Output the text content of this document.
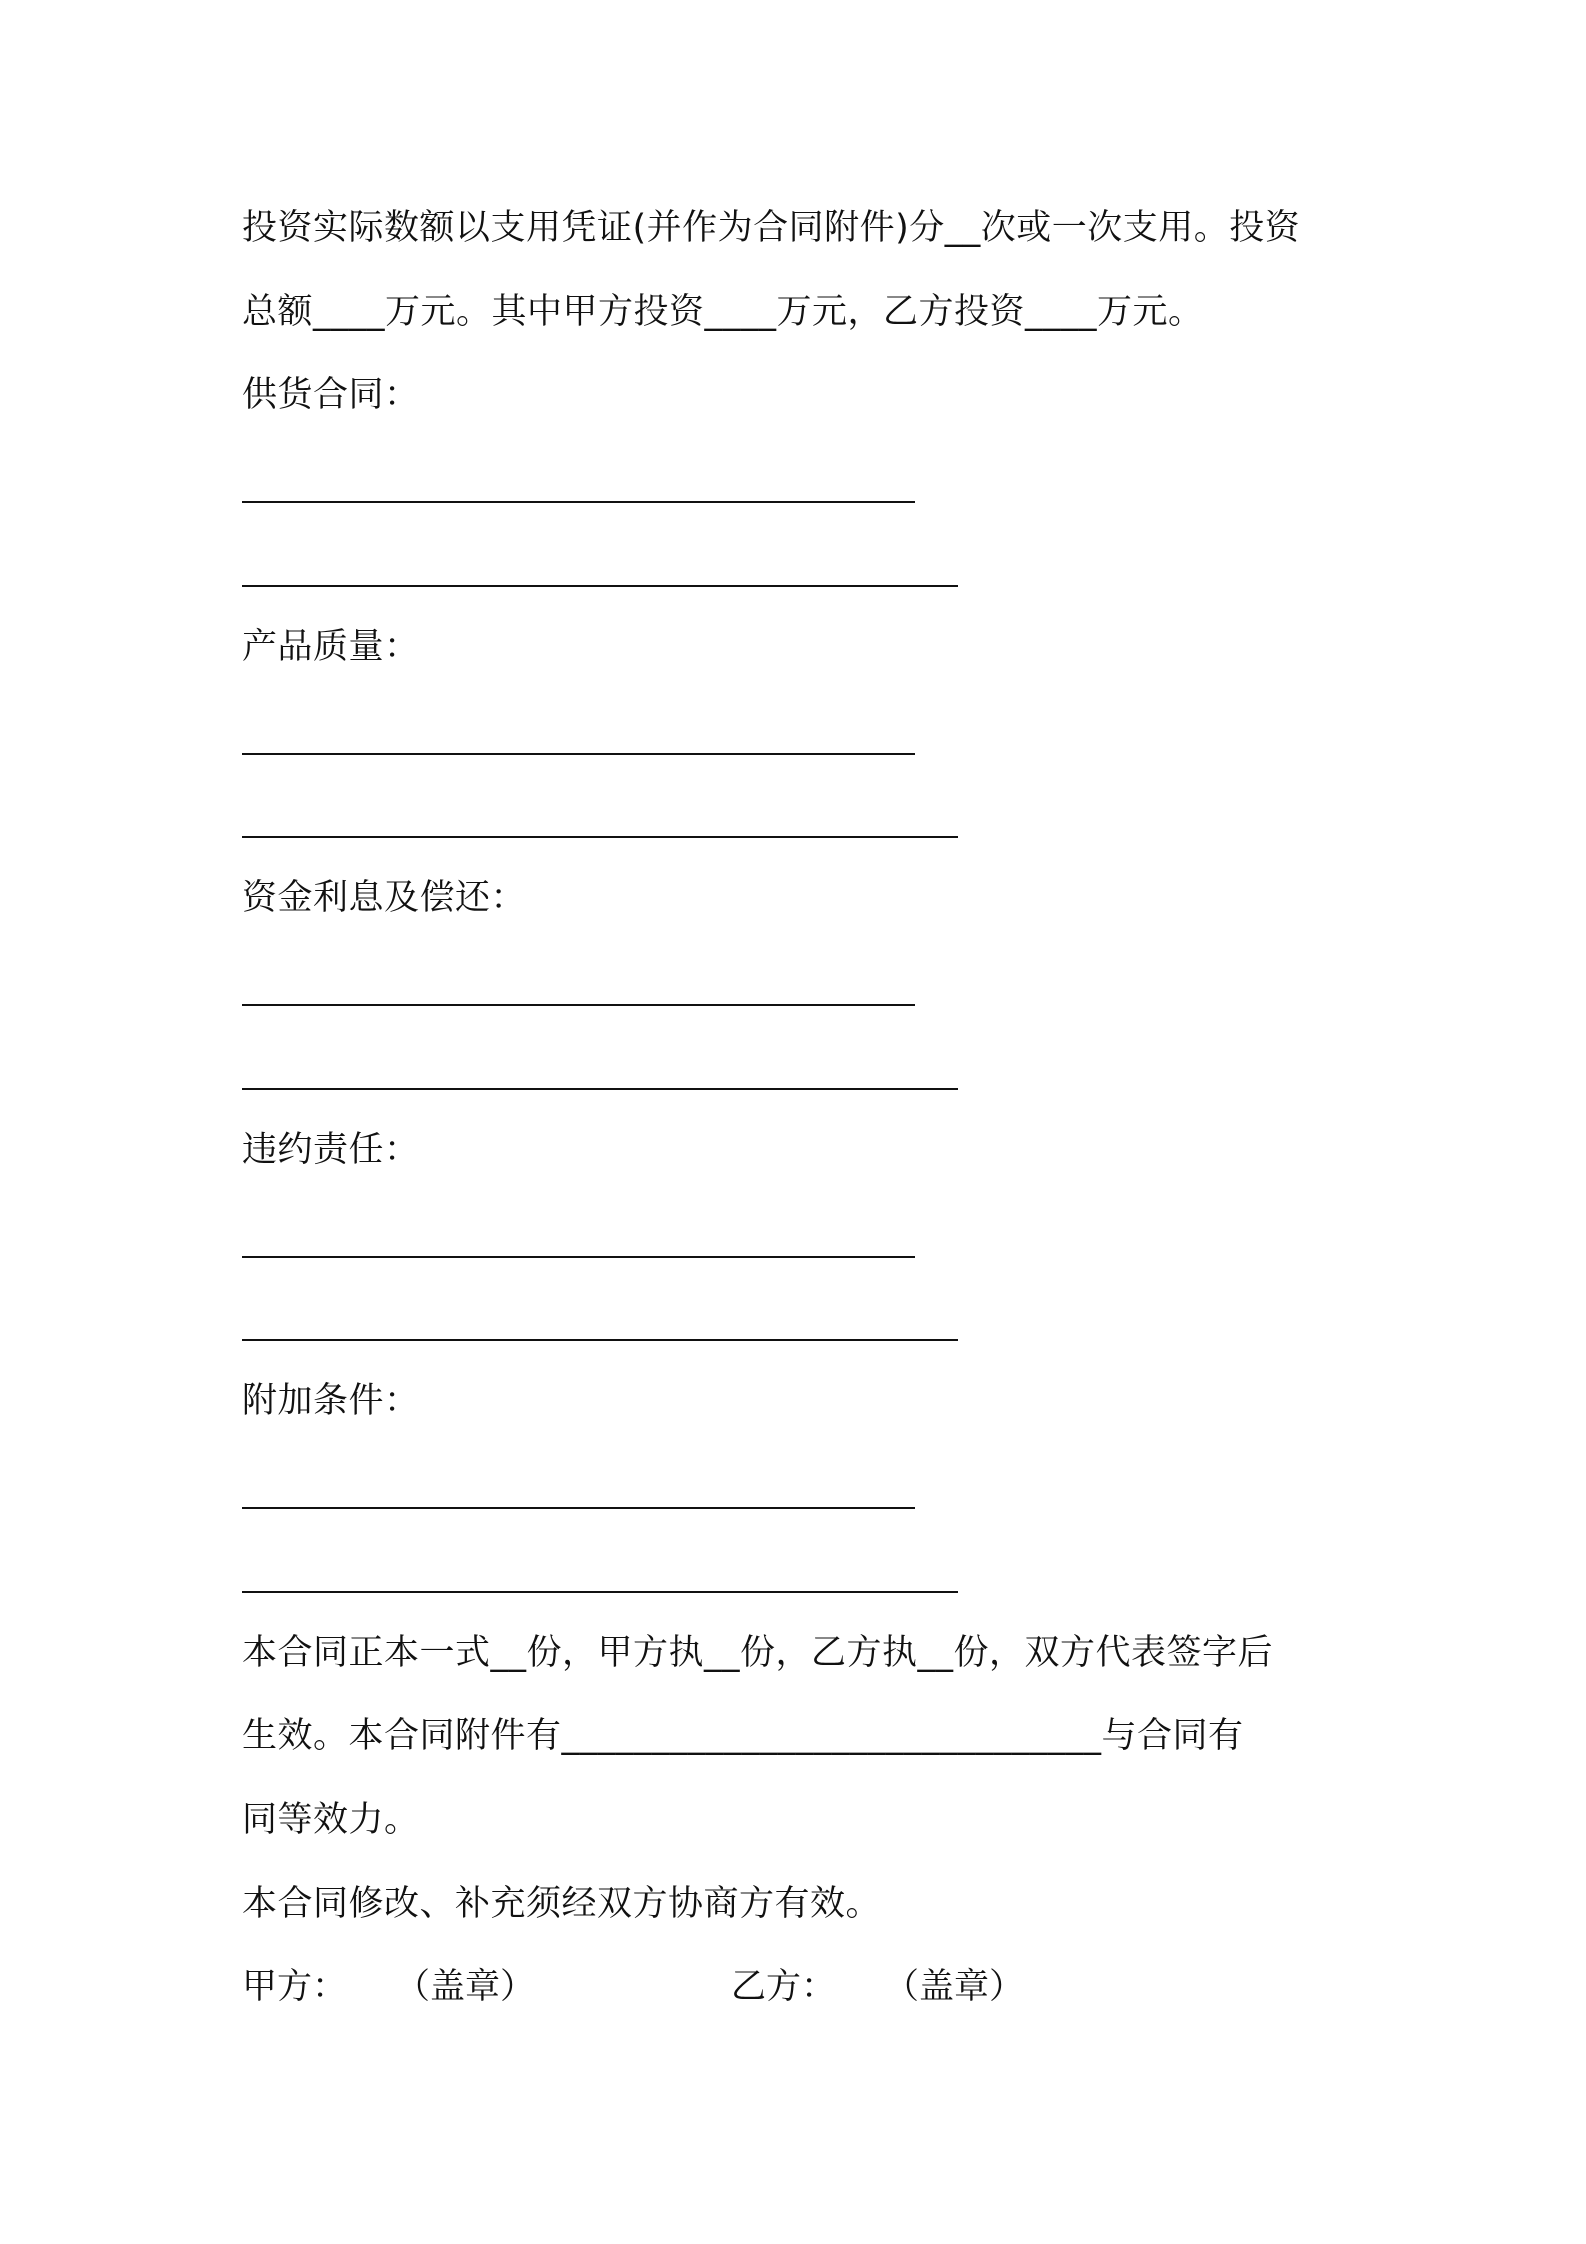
投资实际数额以支用凭证(并作为合同附件)分__次或一次支用。投资
总额____万元。其中甲方投资____万元，乙方投资____万元。
供货合同：
产品质量：
资金利息及偿还：
违约责任：
附加条件：
本合同正本一式__份，甲方执__份，乙方执__份，双方代表签字后
生效。本合同附件有______________________________与合同有
同等效力。
本合同修改、补充须经双方协商方有效。
甲方： （盖章）	乙方： （盖章）
